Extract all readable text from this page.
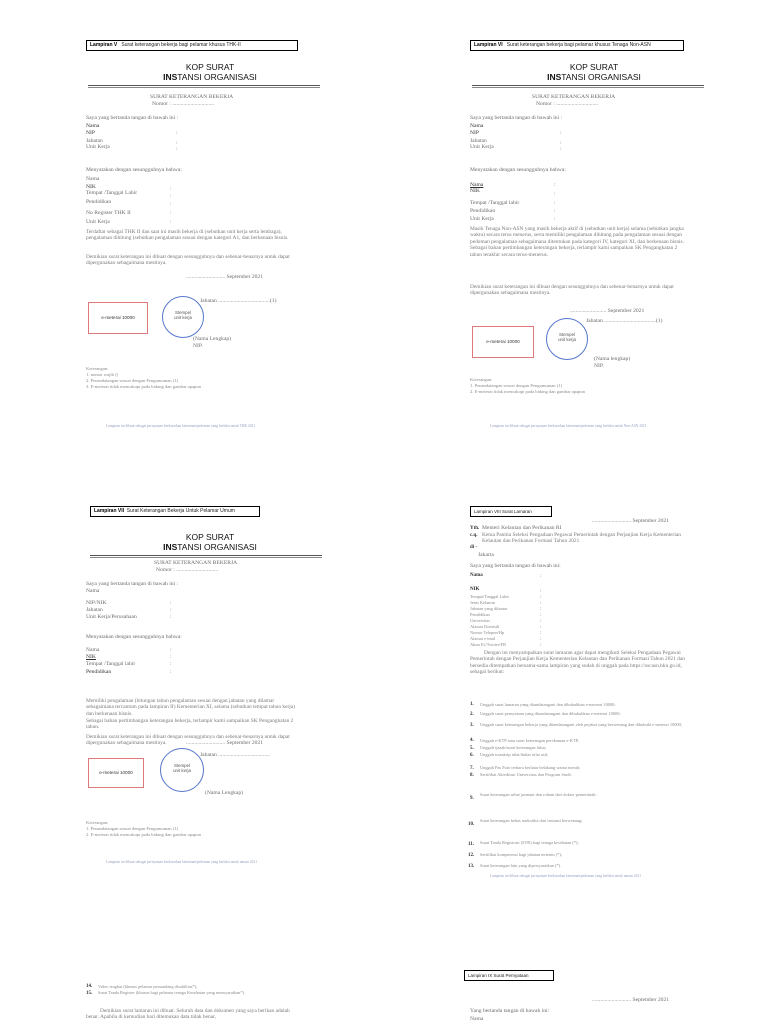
Lampiran V Surat keterangan bekerja bagi pelamar khusus THK-II
KOP SURAT
INSTANSI ORGANISASI
SURAT KETERANGAN BEKERJA
Nomor : ..............................
Saya yang bertanda tangan di bawah ini :
Nama
NIP	:
Jabatan	:
Unit Kerja	:
Menyatakan dengan sesungguhnya bahwa:
Nama
NIK	:
Tempat /Tanggal Lahir	:
Pendidikan	:
No Register THK II	:
Unit Kerja	:
Terdaftar sebagai THK II dan saat ini masih bekerja di (sebutkan unit kerja serta lembaga), pengalaman dihitung (sebutkan pengalaman sesuai dengan kategori A1, dan berkenaan bisnis.
Demikian surat keterangan ini dibuat dengan sesungguhnya dan sebenar-benarnya untuk dapat dipergunakan sebagaimana mestinya.
............................ September 2021
Jabatan .....................................(1)
e-meterai 10000
Stempel
unit kerja
(Nama Lengkap)
NIP.
Keterangan:
1. nomor wajib ()
2. Penandatangan sesuai dengan Pengumuman (1)
3. E-meterai tidak mencakupi pada bidang dan gambar apapun
Lampiran ini dibuat sebagai pernyataan berdasarkan ketentuan/pedoman yang berlaku untuk THK 2021
Lampiran VI Surat keterangan bekerja bagi pelamar khusus Tenaga Non-ASN
KOP SURAT
INSTANSI ORGANISASI
SURAT KETERANGAN BEKERJA
Nomor : ..............................
Saya yang bertanda tangan di bawah ini :
Nama
NIP	:
Jabatan	:
Unit Kerja	:
Menyatakan dengan sesungguhnya bahwa:
Nama	:
NIK	:
Tempat /Tanggal lahir	:
Pendidikan	:
Unit Kerja	:
Masih Tenaga Non-ASN yang masih bekerja aktif di (sebutkan unit kerja) selama (sebutkan jangka waktu) secara terus menerus, serta memiliki pengalaman dihitung pada pengalaman sesuai dengan pedoman pengalaman sebagaimana ditentukan pada kategori IV, kategori XI, dan berkenaan bisnis. Sebagai bahan pertimbangan keterangan bekerja, terlampir kami sampaikan SK Pengangkatan 2 tahun terakhir secara terus-menerus.
Demikian surat keterangan ini dibuat dengan sesungguhnya dan sebenar-benarnya untuk dapat dipergunakan sebagaimana mestinya.
.......................... September 2021
Jabatan .....................................(1)
e-meterai 10000
Stempel
unit kerja
(Nama lengkap)
NIP.
Keterangan:
1. Penandatangan sesuai dengan Pengumuman (1)
2. E-meterai tidak mencakupi pada bidang dan gambar apapun
Lampiran ini dibuat sebagai pernyataan berdasarkan ketentuan/pedoman yang berlaku untuk Non-ASN 2021
Lampiran VII Surat Keterangan Bekerja Untuk Pelamar Umum
KOP SURAT
INSTANSI ORGANISASI
SURAT KETERANGAN BEKERJA
Nomor : ..............................
Saya yang bertanda tangan di bawah ini :
Nama
NIP/NIK	:
Jabatan	:
Unit Kerja/Perusahaan	:
Menyatakan dengan sesungguhnya bahwa:
Nama	:
NIK	:
Tempat /Tanggal lahir	:
Pendidikan	:
Memiliki pengalaman (hitungan tahun pengalaman sesuai dengan jabatan yang dilamar sebagaimana tercantum pada lampiran II) Kementerian XI, selama (sebutkan tempat tahun kerja) dan berkenaan bisnis.
Sebagai bahan pertimbangan keterangan bekerja, terlampir kami sampaikan SK Pengangkatan 2 tahun.
Demikian surat keterangan ini dibuat dengan sesungguhnya dan sebenar-benarnya untuk dapat dipergunakan sebagaimana mestinya.	............................ September 2021
Jabatan .....................................
e-meterai 10000
Stempel
unit kerja
(Nama Lengkap)
Keterangan:
1. Penandatangan sesuai dengan Pengumuman (1)
2. E-meterai tidak mencakupi pada bidang dan gambar apapun
Lampiran ini dibuat sebagai pernyataan berdasarkan ketentuan/pedoman yang berlaku untuk umum 2021
Lampiran VIII Surat Lamaran
............................ September 2021
Yth. Menteri Kelautan dan Perikanan RI
c.q. Ketua Panitia Seleksi Pengadaan Pegawai Pemerintah dengan Perjanjian Kerja Kementerian Kelautan dan Perikanan Formasi Tahun 2021
di -
Jakarta
Saya yang bertanda tangan di bawah ini:
Nama	:
NIK	:
Tempat/Tanggal Lahir	:
Jenis Kelamin	:
Jabatan yang dilamar	:
Pendidikan	:
Universitas	:
Alamat Domisili	:
Nomor Telepon/Hp	:
Alamat e-mail	:
Akun IG/Twitter/FB	:
Dengan ini menyampaikan surat lamaran agar dapat mengikuti Seleksi Pengadaan Pegawai Pemerintah dengan Perjanjian Kerja Kementerian Kelautan dan Perikanan Formasi Tahun 2021 dan bersedia ditempatkan bersama-sama lampiran yang sudah di unggah pada https://sscasn.bkn.go.id, sebagai berikut:
1. Unggah surat lamaran yang ditandatangani dan dibubuhkan e-meterai 10000;
2. Unggah surat pernyataan yang ditandatangani dan dibubuhkan e-meterai 10000;
3. Unggah surat keterangan bekerja yang ditandatangani oleh pejabat yang berwenang dan dibubuhi e-meterai 10000;
4. Unggah e-KTP atau surat keterangan perekaman e-KTP;
5. Unggah ijazah/surat keterangan lulus;
6. Unggah transkrip nilai/daftar nilai asli;
7. Unggah Pas Foto terbaru berlatar belakang warna merah;
8. Sertifikat Akreditasi Universitas dan Program Studi;
9.
Surat keterangan sehat jasmani dan rohani dari dokter pemerintah;
10.
Surat keterangan bebas narkotika dari instansi berwenang;
11. Surat Tanda Registrasi (STR) bagi tenaga kesehatan (*);
12. Sertifikat kompetensi bagi jabatan tertentu (*);
13. Surat keterangan lain yang dipersyaratkan (*).
Lampiran ini dibuat sebagai pernyataan berdasarkan ketentuan/pedoman yang berlaku untuk umum 2021
14. Video singkat (khusus pelamar pemandang disabilitas*);
15. Surat Tanda Register (khusus bagi pelamar tenaga Kesehatan yang mensyaratkan*).
Demikian surat lamaran ini dibuat. Seluruh data dan dokumen yang saya berikan adalah benar. Apabila di kemudian hari ditemukan data tidak benar,
Lampiran IX Surat Pernyataan
............................ September 2021
Yang bertanda tangan di bawah ini:
Nama
